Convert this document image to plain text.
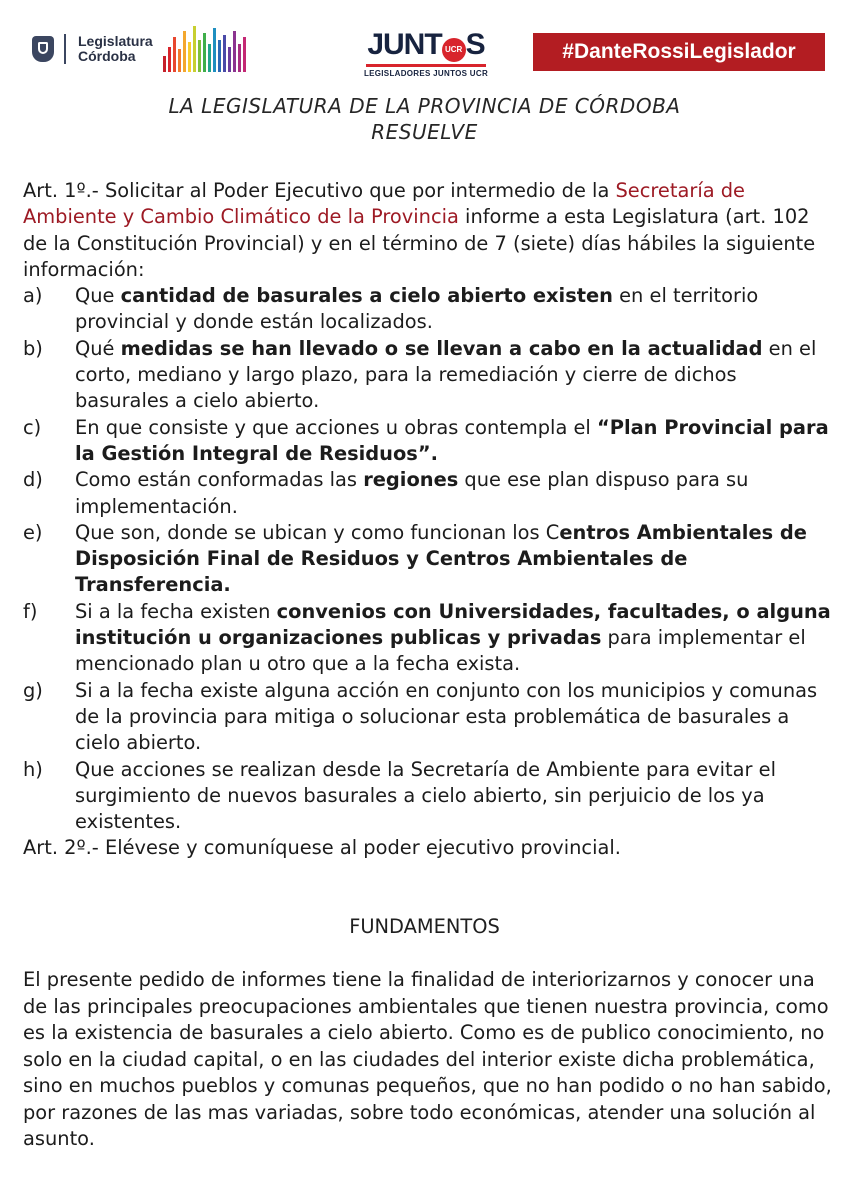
Legislatura
Córdoba	JUNT UCR S
LEGISLADORES JUNTOS UCR
#DanteRossiLegislador
LA LEGISLATURA DE LA PROVINCIA DE CÓRDOBA
RESUELVE

Art. 1º.- Solicitar al Poder Ejecutivo que por intermedio de la Secretaría de Ambiente y Cambio Climático de la Provincia informe a esta Legislatura (art. 102 de la Constitución Provincial) y en el término de 7 (siete) días hábiles la siguiente información:

a)	Que cantidad de basurales a cielo abierto existen en el territorio provincial y donde están localizados.
b)	Qué medidas se han llevado o se llevan a cabo en la actualidad en el corto, mediano y largo plazo, para la remediación y cierre de dichos basurales a cielo abierto.
c)	En que consiste y que acciones u obras contempla el “Plan Provincial para la Gestión Integral de Residuos”.
d)	Como están conformadas las regiones que ese plan dispuso para su implementación.
e)	Que son, donde se ubican y como funcionan los Centros Ambientales de Disposición Final de Residuos y Centros Ambientales de Transferencia.
f)	Si a la fecha existen convenios con Universidades, facultades, o alguna institución u organizaciones publicas y privadas para implementar el mencionado plan u otro que a la fecha exista.
g)	Si a la fecha existe alguna acción en conjunto con los municipios y comunas de la provincia para mitiga o solucionar esta problemática de basurales a cielo abierto.
h)	Que acciones se realizan desde la Secretaría de Ambiente para evitar el surgimiento de nuevos basurales a cielo abierto, sin perjuicio de los ya existentes.

Art. 2º.- Elévese y comuníquese al poder ejecutivo provincial.

FUNDAMENTOS
El presente pedido de informes tiene la finalidad de interiorizarnos y conocer una de las principales preocupaciones ambientales que tienen nuestra provincia, como es la existencia de basurales a cielo abierto. Como es de publico conocimiento, no solo en la ciudad capital, o en las ciudades del interior existe dicha problemática, sino en muchos pueblos y comunas pequeños, que no han podido o no han sabido, por razones de las mas variadas, sobre todo económicas, atender una solución al asunto.
